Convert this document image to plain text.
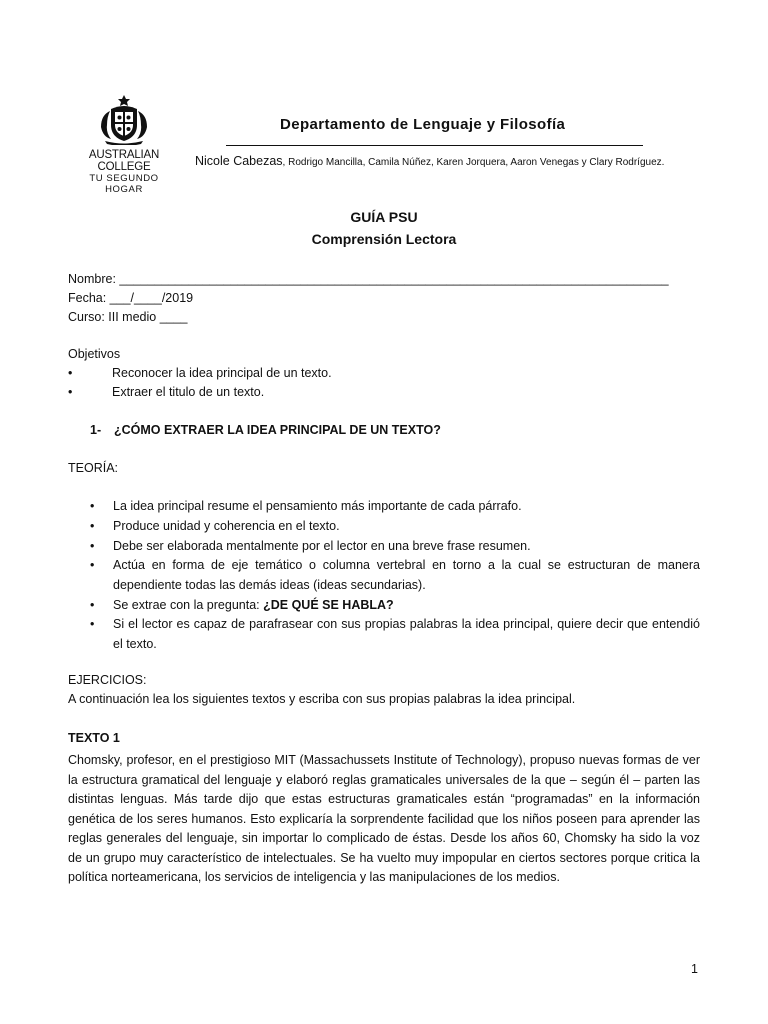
AUSTRALIAN COLLEGE
TU SEGUNDO HOGAR
Departamento de Lenguaje y Filosofía
Nicole Cabezas, Rodrigo Mancilla, Camila Núñez, Karen Jorquera, Aaron Venegas y Clary Rodríguez.
GUÍA PSU
Comprensión Lectora
Nombre: _______________________________________________________________________________
Fecha: ___/____/2019
Curso: III medio ____
Objetivos
•	Reconocer la idea principal de un texto.
•	Extraer el titulo de un texto.
1- ¿CÓMO EXTRAER LA IDEA PRINCIPAL DE UN TEXTO?
TEORÍA:
• La idea principal resume el pensamiento más importante de cada párrafo.
• Produce unidad y coherencia en el texto.
• Debe ser elaborada mentalmente por el lector en una breve frase resumen.
• Actúa en forma de eje temático o columna vertebral en torno a la cual se estructuran de manera dependiente todas las demás ideas (ideas secundarias).
• Se extrae con la pregunta: ¿DE QUÉ SE HABLA?
• Si el lector es capaz de parafrasear con sus propias palabras la idea principal, quiere decir que entendió el texto.
EJERCICIOS:
A continuación lea los siguientes textos y escriba con sus propias palabras la idea principal.
TEXTO 1
Chomsky, profesor, en el prestigioso MIT (Massachussets Institute of Technology), propuso nuevas formas de ver la estructura gramatical del lenguaje y elaboró reglas gramaticales universales de la que – según él – parten las distintas lenguas. Más tarde dijo que estas estructuras gramaticales están “programadas” en la información genética de los seres humanos. Esto explicaría la sorprendente facilidad que los niños poseen para aprender las reglas generales del lenguaje, sin importar lo complicado de éstas. Desde los años 60, Chomsky ha sido la voz de un grupo muy característico de intelectuales. Se ha vuelto muy impopular en ciertos sectores porque critica la política norteamericana, los servicios de inteligencia y las manipulaciones de los medios.
1
